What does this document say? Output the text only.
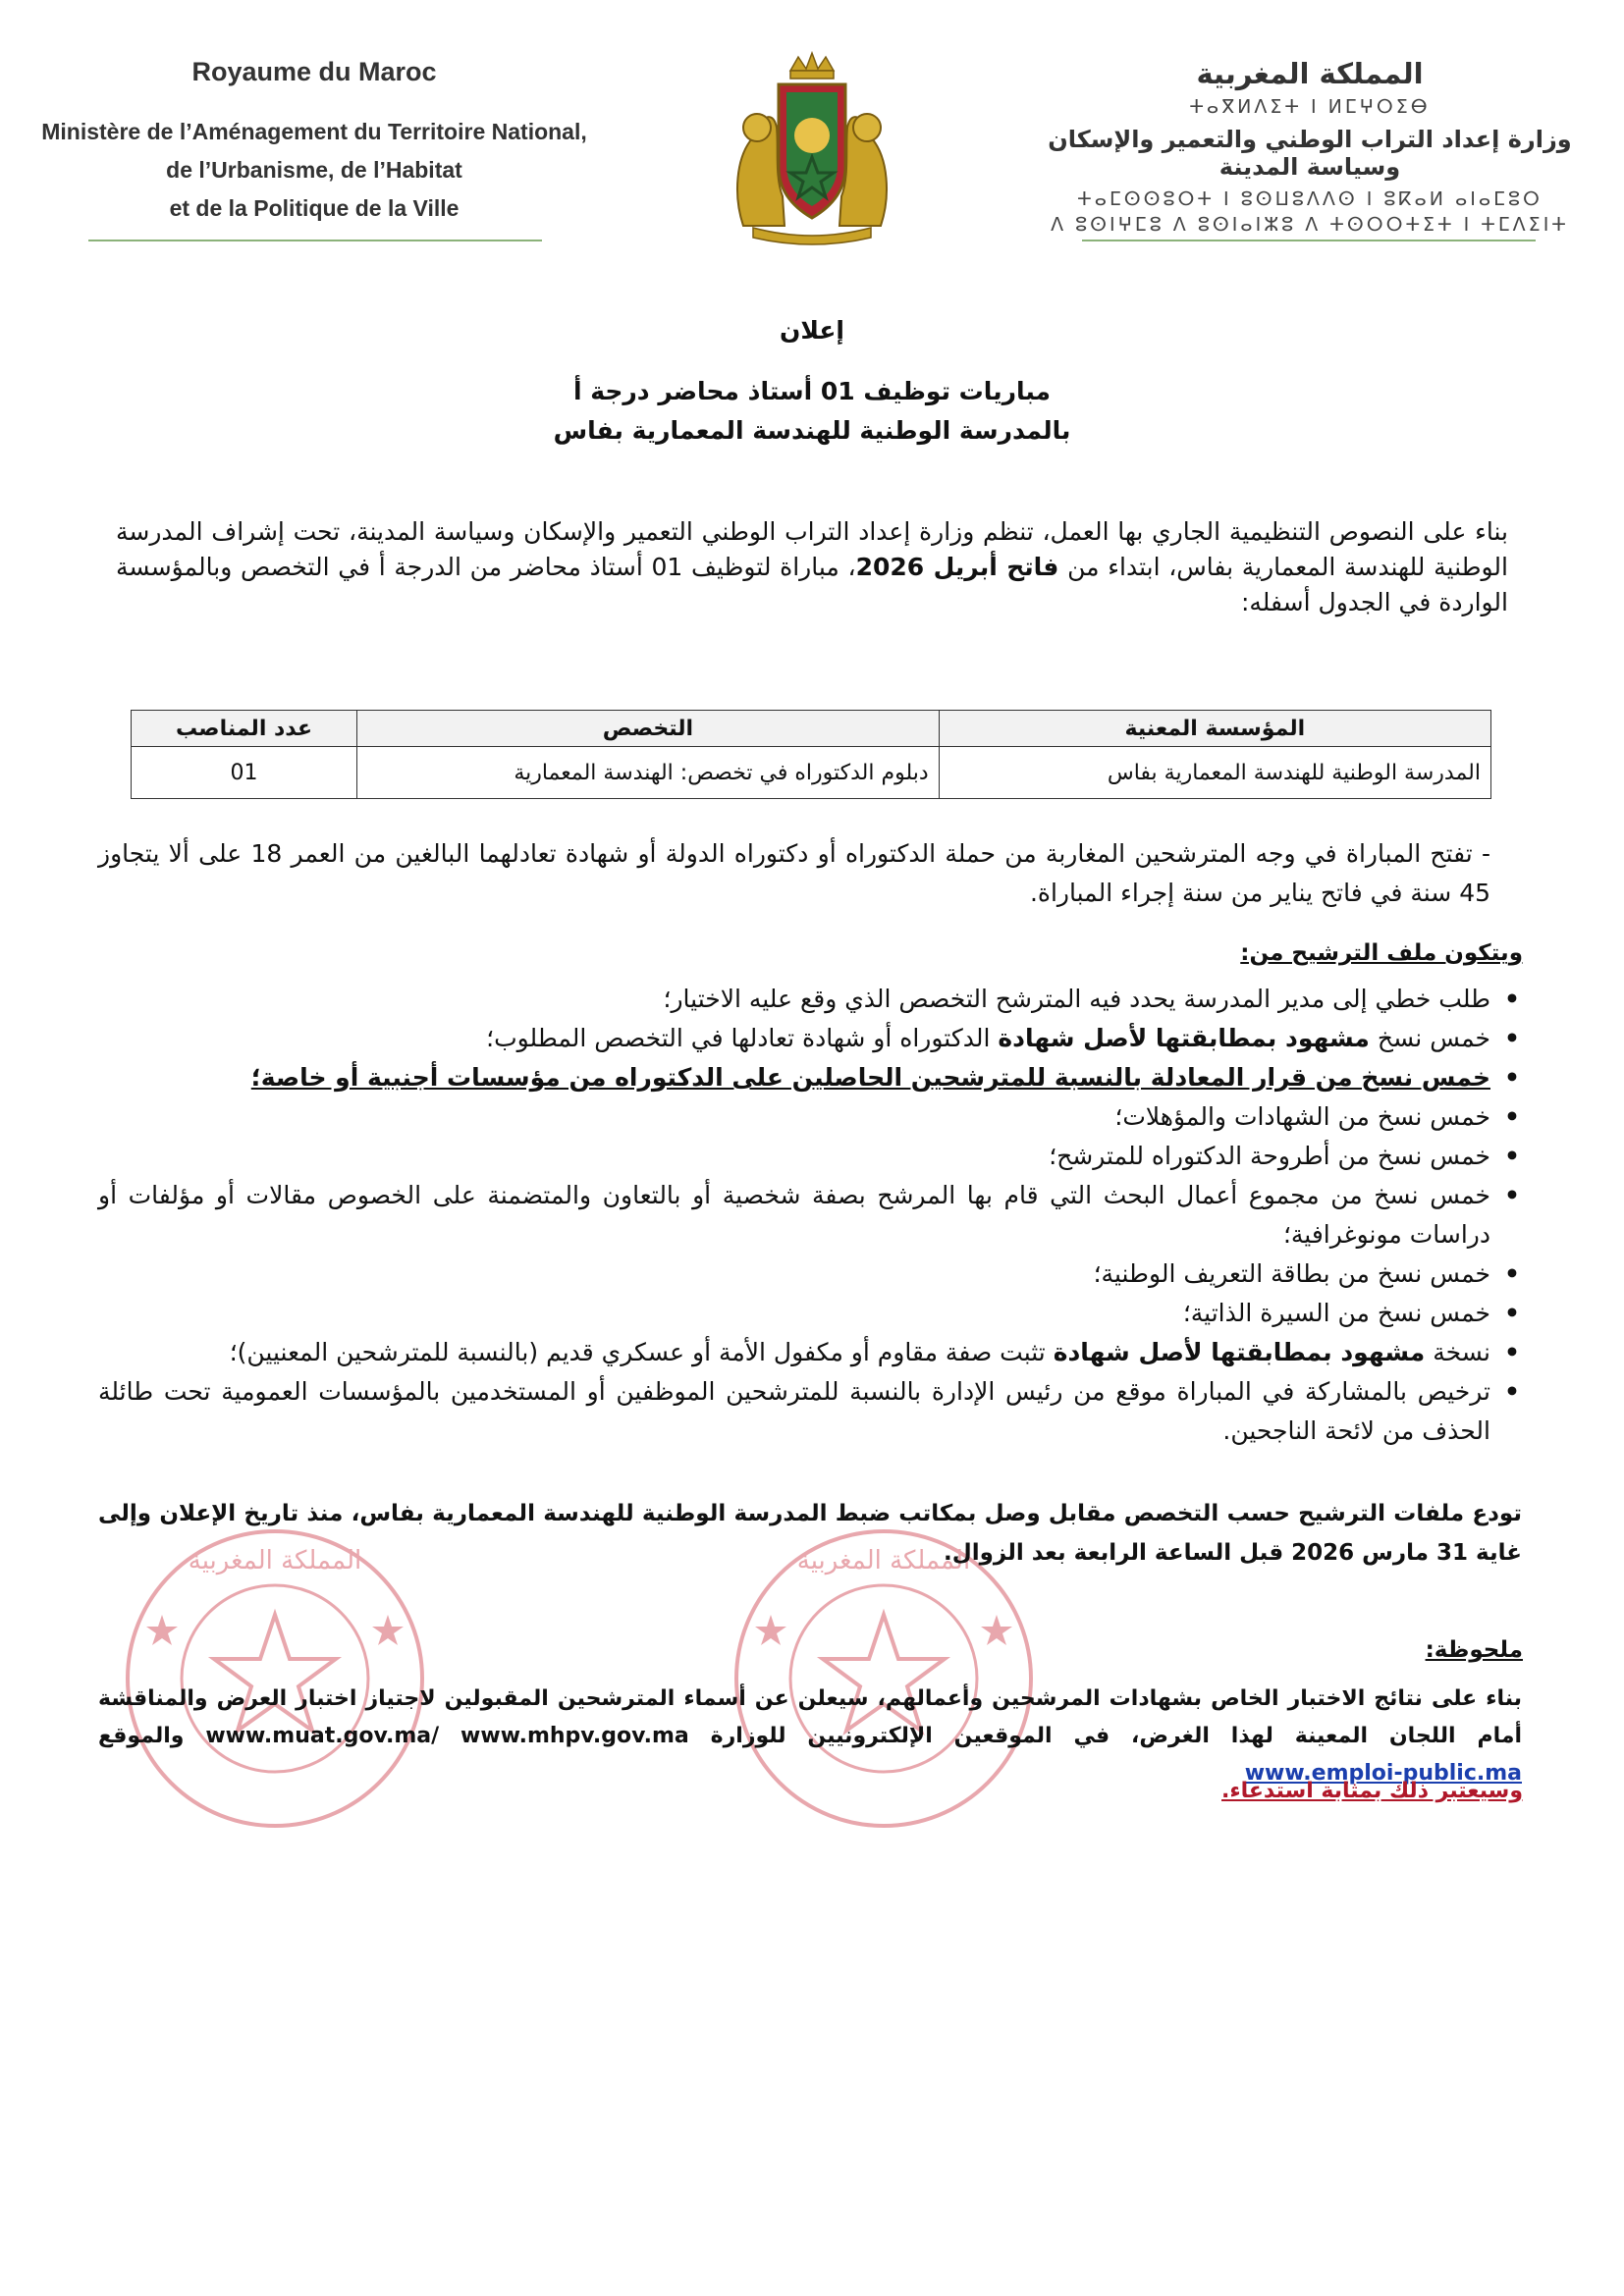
Royaume du Maroc
Ministère de l’Aménagement du Territoire National,
de l’Urbanisme, de l’Habitat
et de la Politique de la Ville
المملكة المغربية
ⵜⴰⴳⵍⴷⵉⵜ ⵏ ⵍⵎⵖⵔⵉⴱ
وزارة إعداد التراب الوطني والتعمير والإسكان وسياسة المدينة
ⵜⴰⵎⵙⵙⵓⵔⵜ ⵏ ⵓⵙⵡⵓⴷⴷⵙ ⵏ ⵓⴽⴰⵍ ⴰⵏⴰⵎⵓⵔ
ⴷ ⵓⵙⵏⵖⵎⵓ ⴷ ⵓⵙⵏⴰⵏⵣⵓ ⴷ ⵜⵙⵔⵔⵜⵉⵜ ⵏ ⵜⵎⴷⵉⵏⵜ
إعلان
مباريات توظيف 01 أستاذ محاضر درجة أ
بالمدرسة الوطنية للهندسة المعمارية بفاس
بناء على النصوص التنظيمية الجاري بها العمل، تنظم وزارة إعداد التراب الوطني التعمير والإسكان وسياسة المدينة، تحت إشراف المدرسة الوطنية للهندسة المعمارية بفاس، ابتداء من فاتح أبريل 2026، مباراة لتوظيف 01 أستاذ محاضر من الدرجة أ في التخصص وبالمؤسسة الواردة في الجدول أسفله:
المؤسسة المعنية	التخصص	عدد المناصب
المدرسة الوطنية للهندسة المعمارية بفاس	دبلوم الدكتوراه في تخصص: الهندسة المعمارية	01
- تفتح المباراة في وجه المترشحين المغاربة من حملة الدكتوراه أو دكتوراه الدولة أو شهادة تعادلهما البالغين من العمر 18 على ألا يتجاوز 45 سنة في فاتح يناير من سنة إجراء المباراة.
ويتكون ملف الترشيح من:
• طلب خطي إلى مدير المدرسة يحدد فيه المترشح التخصص الذي وقع عليه الاختيار؛
• خمس نسخ مشهود بمطابقتها لأصل شهادة الدكتوراه أو شهادة تعادلها في التخصص المطلوب؛
• خمس نسخ من قرار المعادلة بالنسبة للمترشحين الحاصلين على الدكتوراه من مؤسسات أجنبية أو خاصة؛
• خمس نسخ من الشهادات والمؤهلات؛
• خمس نسخ من أطروحة الدكتوراه للمترشح؛
• خمس نسخ من مجموع أعمال البحث التي قام بها المرشح بصفة شخصية أو بالتعاون والمتضمنة على الخصوص مقالات أو مؤلفات أو دراسات مونوغرافية؛
• خمس نسخ من بطاقة التعريف الوطنية؛
• خمس نسخ من السيرة الذاتية؛
• نسخة مشهود بمطابقتها لأصل شهادة تثبت صفة مقاوم أو مكفول الأمة أو عسكري قديم (بالنسبة للمترشحين المعنيين)؛
• ترخيص بالمشاركة في المباراة موقع من رئيس الإدارة بالنسبة للمترشحين الموظفين أو المستخدمين بالمؤسسات العمومية تحت طائلة الحذف من لائحة الناجحين.
المملكة المغربية	المملكة المغربية
تودع ملفات الترشيح حسب التخصص مقابل وصل بمكاتب ضبط المدرسة الوطنية للهندسة المعمارية بفاس، منذ تاريخ الإعلان وإلى غاية 31 مارس 2026 قبل الساعة الرابعة بعد الزوال.
ملحوظة:
بناء على نتائج الاختبار الخاص بشهادات المرشحين وأعمالهم، سيعلن عن أسماء المترشحين المقبولين لاجتياز اختبار العرض والمناقشة أمام اللجان المعينة لهذا الغرض، في الموقعين الإلكترونيين للوزارة www.muat.gov.ma/ www.mhpv.gov.ma والموقع www.emploi-public.ma
وسيعتبر ذلك بمثابة استدعاء.
